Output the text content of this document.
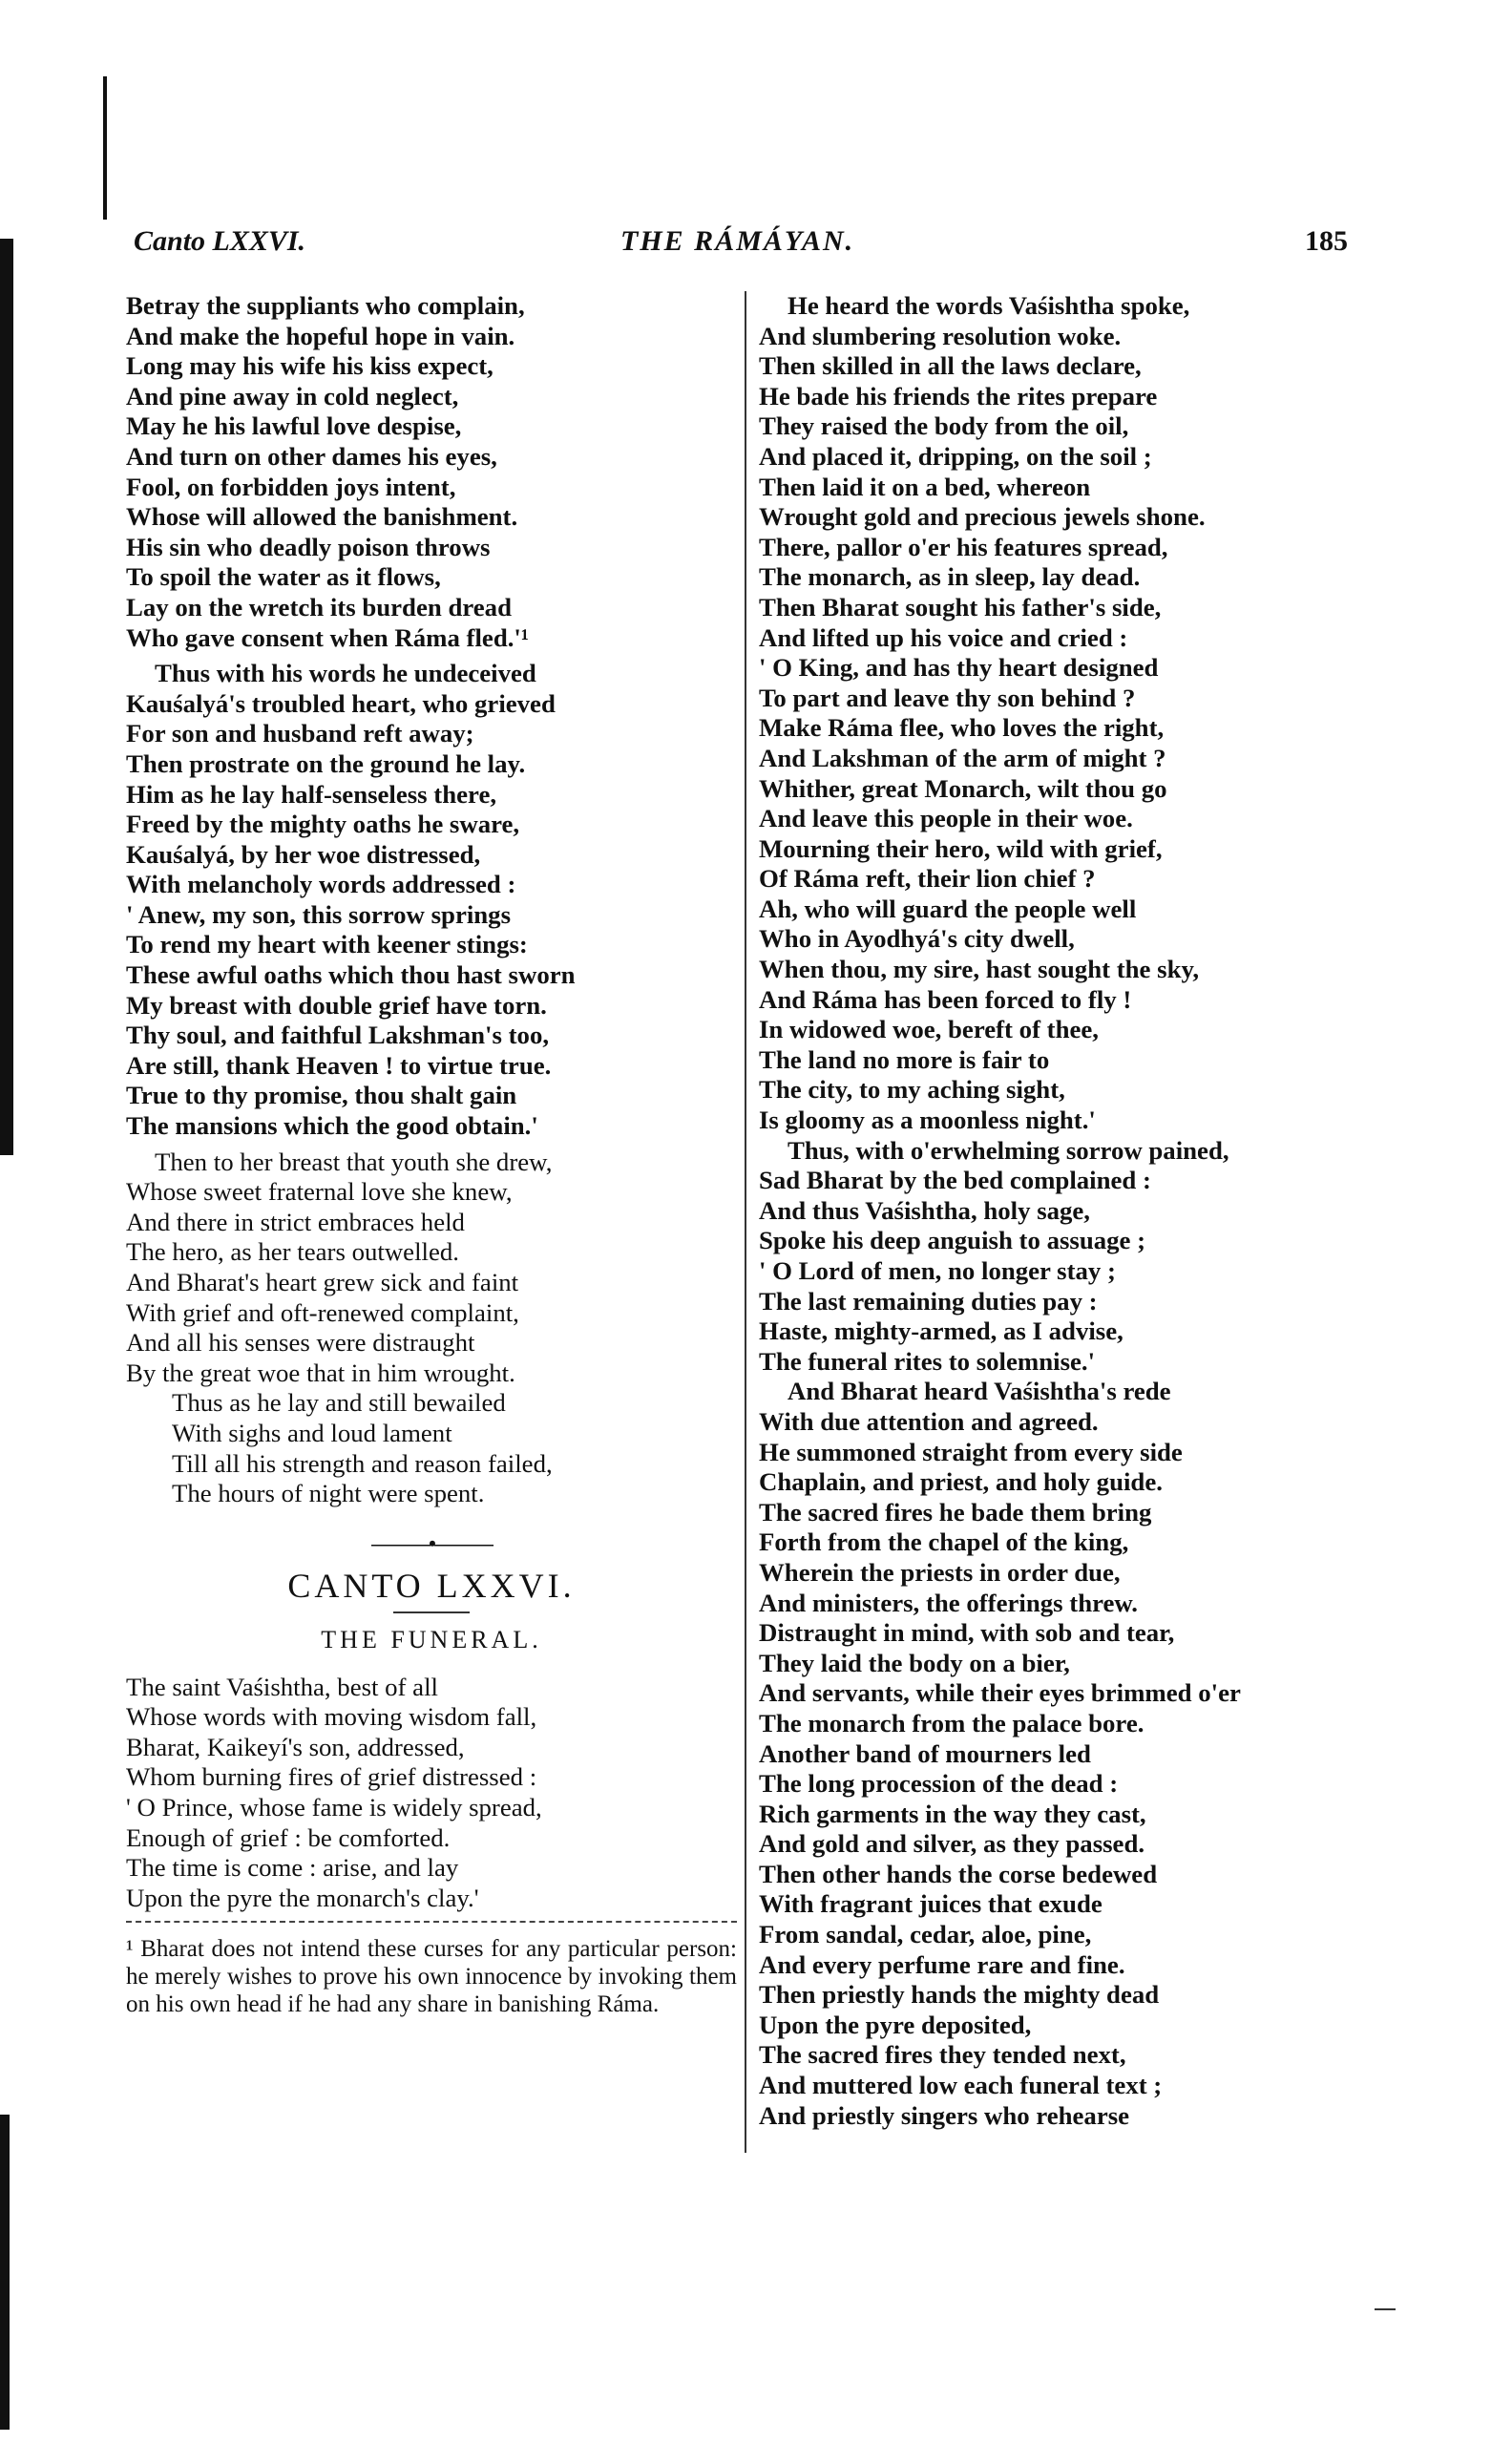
Canto LXXVI.	THE RÁMÁYAN.	185
Betray the suppliants who complain,
And make the hopeful hope in vain.
Long may his wife his kiss expect,
And pine away in cold neglect,
May he his lawful love despise,
And turn on other dames his eyes,
Fool, on forbidden joys intent,
Whose will allowed the banishment.
His sin who deadly poison throws
To spoil the water as it flows,
Lay on the wretch its burden dread
Who gave consent when Ráma fled.'¹
Thus with his words he undeceived
Kauśalyá's troubled heart, who grieved
For son and husband reft away;
Then prostrate on the ground he lay.
Him as he lay half-senseless there,
Freed by the mighty oaths he sware,
Kauśalyá, by her woe distressed,
With melancholy words addressed :
' Anew, my son, this sorrow springs
To rend my heart with keener stings:
These awful oaths which thou hast sworn
My breast with double grief have torn.
Thy soul, and faithful Lakshman's too,
Are still, thank Heaven ! to virtue true.
True to thy promise, thou shalt gain
The mansions which the good obtain.'
Then to her breast that youth she drew,
Whose sweet fraternal love she knew,
And there in strict embraces held
The hero, as her tears outwelled.
And Bharat's heart grew sick and faint
With grief and oft-renewed complaint,
And all his senses were distraught
By the great woe that in him wrought.
Thus as he lay and still bewailed
With sighs and loud lament
Till all his strength and reason failed,
The hours of night were spent.
———•———
CANTO LXXVI.
THE FUNERAL.
The saint Vaśishtha, best of all
Whose words with moving wisdom fall,
Bharat, Kaikeyí's son, addressed,
Whom burning fires of grief distressed :
' O Prince, whose fame is widely spread,
Enough of grief : be comforted.
The time is come : arise, and lay
Upon the pyre the monarch's clay.'

¹ Bharat does not intend these curses for any particular person: he merely wishes to prove his own innocence by invoking them on his own head if he had any share in banishing Ráma.

He heard the words Vaśishtha spoke,
And slumbering resolution woke.
Then skilled in all the laws declare,
He bade his friends the rites prepare
They raised the body from the oil,
And placed it, dripping, on the soil ;
Then laid it on a bed, whereon
Wrought gold and precious jewels shone.
There, pallor o'er his features spread,
The monarch, as in sleep, lay dead.
Then Bharat sought his father's side,
And lifted up his voice and cried :
' O King, and has thy heart designed
To part and leave thy son behind ?
Make Ráma flee, who loves the right,
And Lakshman of the arm of might ?
Whither, great Monarch, wilt thou go
And leave this people in their woe.
Mourning their hero, wild with grief,
Of Ráma reft, their lion chief ?
Ah, who will guard the people well
Who in Ayodhyá's city dwell,
When thou, my sire, hast sought the sky,
And Ráma has been forced to fly !
In widowed woe, bereft of thee,
The land no more is fair to
The city, to my aching sight,
Is gloomy as a moonless night.'
Thus, with o'erwhelming sorrow pained,
Sad Bharat by the bed complained :
And thus Vaśishtha, holy sage,
Spoke his deep anguish to assuage ;
' O Lord of men, no longer stay ;
The last remaining duties pay :
Haste, mighty-armed, as I advise,
The funeral rites to solemnise.'
And Bharat heard Vaśishtha's rede
With due attention and agreed.
He summoned straight from every side
Chaplain, and priest, and holy guide.
The sacred fires he bade them bring
Forth from the chapel of the king,
Wherein the priests in order due,
And ministers, the offerings threw.
Distraught in mind, with sob and tear,
They laid the body on a bier,
And servants, while their eyes brimmed o'er
The monarch from the palace bore.
Another band of mourners led
The long procession of the dead :
Rich garments in the way they cast,
And gold and silver, as they passed.
Then other hands the corse bedewed
With fragrant juices that exude
From sandal, cedar, aloe, pine,
And every perfume rare and fine.
Then priestly hands the mighty dead
Upon the pyre deposited,
The sacred fires they tended next,
And muttered low each funeral text ;
And priestly singers who rehearse
